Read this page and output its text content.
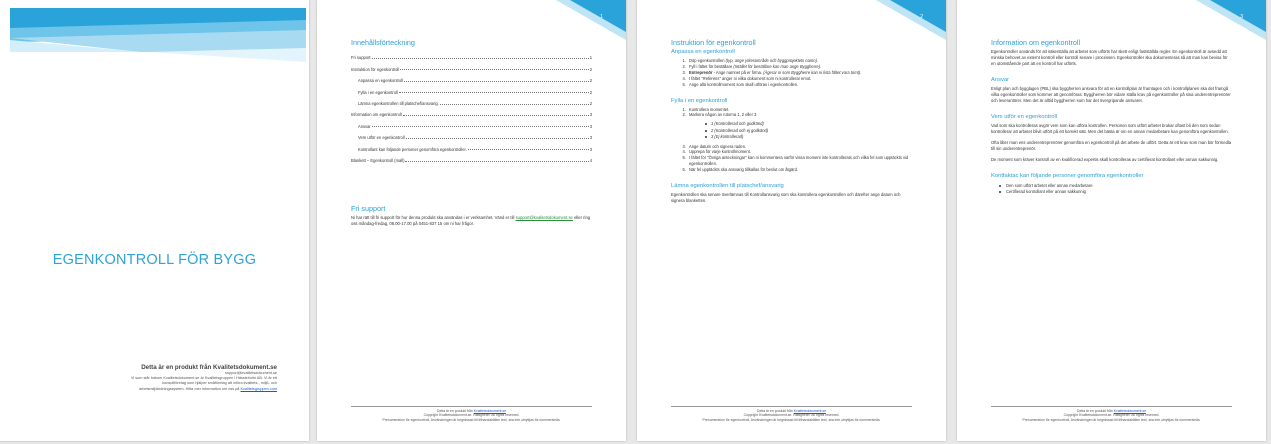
EGENKONTROLL FÖR BYGG
Detta är en produkt från Kvalitetsdokument.se
support@kvalitetsdokument.se
Vi som står bakom Kvalitetsdokument.se är Kvalitetsgruppen i Hässleholm AB. Vi är ett
konsultföretag som hjälper småföretag att införa kvalitets-, miljö- och
arbetsmiljöledningssystem. Hitta mer information om oss på Kvalitetsgruppen.com
1
Innehållsförteckning
Fri support	1
Instruktion för egenkontroll	2
Anpassa en egenkontroll	2
Fylla i en egenkontroll	2
Lämna egenkontrollen till platschef/ansvarig.	2
Information om egenkontroll	3
Ansvar	3
Vem utför en egenkontroll	3
Kontrollant kan följande personer genomföra egenkontroller.	3
Blankett – Egenkontroll (mall)	4
Fri support

Ni har rätt till fri support för hur denna produkt ska användas i er verksamhet. Vänd er till support@kvalitetsdokument.se eller ring oss måndag-fredag, 08.00-17.00 på 0451-837 15 om ni har frågor.

Detta är en produkt från Kvalitetsdokument.se
Copyright Kvalitetsdokument.se. Rättigheter. All rights reserved.
Prenumeration för egenkontroll. Användningen är begränsad till tillhandahållen text, ska inte utnyttjas för kommersiella.
2
Instruktion för egenkontroll
Anpassa en egenkontroll
1. Döp egenkontrollen (typ, ange yrkesområde och byggprojektets namn).
2. Fyll i fältet för beställare (Intället för beställare kan man ange Byggherre).
3. Entreprenör - Ange namnet på er firma. (Ägerar ni som Byggherre kan ni lista fältet vara tomt).
4. I fältet "Referens" anger ni vilka dokument som ni kontrollerar emot.
5. Ange alla kontrollmoment som skall utföras i egenkontrollen.
Fylla i en egenkontroll
1. Kontrollera momentet.
2. Markera någon av rutorna 1, 2 eller 3
1 (Kontrollerad och godkänd)
2 (Kontrollerad och ej godkänd)
3 (Ej kontrollerad)
3. Ange datum och signera raden.
4. Upprepa för varje kontrollmoment.
5. I fältet för "Övriga anteckningar" kan ni kommentera varför vissa moment inte kontrollerats och vilka fel som upptäckts vid egenkontrollen.
6. När fel upptäckts ska ansvarig tillkallas för beslut om åtgärd.
Lämna egenkontrollen till platschef/ansvarig

Egenkontrollen ska senare överlämnas till Kontrollansvarig som ska kontrollera egenkontrollen och därefter ange datum och signera blanketten.

Detta är en produkt från Kvalitetsdokument.se
Copyright Kvalitetsdokument.se. Rättigheter. All rights reserved.
Prenumeration för egenkontroll. Användningen är begränsad till tillhandahållen text, ska inte utnyttjas för kommersiella.
3
Information om egenkontroll

Egenkontroller används för att säkerställa att arbetet som utförts har skett enligt fastställda regler. En egenkontroll är avsedd att minska behovet av externt kontroll eller kontroll senare i processen. Egenkontroller ska dokumenteras så att man kan bevisa för en utomstående part att en kontroll har utförts.

Ansvar

Enligt plan och bygglagen (PBL) ska byggherren ansvara för att en kontrollplan är framtagen och i kontrollplanen ska det framgå vilka egenkontroller som kommer att genomföras. Byggherren bör vidare ställa krav på egenkontroller på sina underentreprenörer och leverantörer. Men det är alltid byggherren som har det övergripande ansvaret.

Vem utför en egenkontroll

Vad som ska kontrolleras avgör vem som kan utföra kontrollen. Personen som utfört arbetet brukar oftast bli den som sedan kontrollerar att arbetet blivit utfört på ett korrekt sätt. Men det bästa är om en annan medarbetare kan genomföra egenkontrollen.

Ofta låter man ens underentreprenörer genomföra en egenkontroll på det arbete de utfört. Detta är ett krav som man bör förmedla till sin underentreprenör.

De moment som kräver kontroll av en kvalificerad expertis skall kontrolleras av certifierat kontrollant eller annan sakkunnig.

Kontfaktac kan följande personer genomföra egenkontroller
Den som utfört arbetet eller annan medarbetare
Certifierad kontrollant eller annan sakkunnig
Detta är en produkt från Kvalitetsdokument.se
Copyright Kvalitetsdokument.se. Rättigheter. All rights reserved.
Prenumeration för egenkontroll. Användningen är begränsad till tillhandahållen text, ska inte utnyttjas för kommersiella.
